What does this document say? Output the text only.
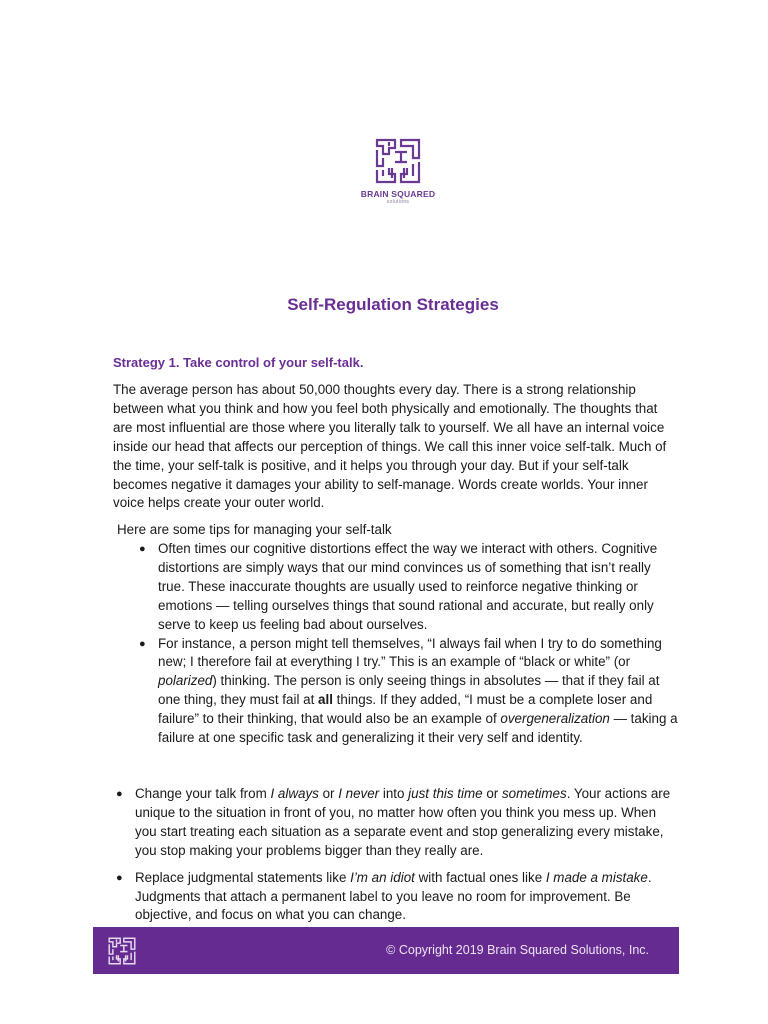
BRAIN SQUARED
solutions
Self-Regulation Strategies
Strategy 1. Take control of your self-talk.
The average person has about 50,000 thoughts every day. There is a strong relationship between what you think and how you feel both physically and emotionally. The thoughts that are most influential are those where you literally talk to yourself. We all have an internal voice inside our head that affects our perception of things. We call this inner voice self-talk. Much of the time, your self-talk is positive, and it helps you through your day. But if your self-talk becomes negative it damages your ability to self-manage. Words create worlds. Your inner voice helps create your outer world.
Here are some tips for managing your self-talk
● Often times our cognitive distortions effect the way we interact with others. Cognitive distortions are simply ways that our mind convinces us of something that isn’t really true. These inaccurate thoughts are usually used to reinforce negative thinking or emotions — telling ourselves things that sound rational and accurate, but really only serve to keep us feeling bad about ourselves.
● For instance, a person might tell themselves, “I always fail when I try to do something new; I therefore fail at everything I try.” This is an example of “black or white” (or polarized) thinking. The person is only seeing things in absolutes — that if they fail at one thing, they must fail at all things. If they added, “I must be a complete loser and failure” to their thinking, that would also be an example of overgeneralization — taking a failure at one specific task and generalizing it their very self and identity.
● Change your talk from I always or I never into just this time or sometimes. Your actions are unique to the situation in front of you, no matter how often you think you mess up. When you start treating each situation as a separate event and stop generalizing every mistake, you stop making your problems bigger than they really are.
● Replace judgmental statements like I’m an idiot with factual ones like I made a mistake. Judgments that attach a permanent label to you leave no room for improvement. Be objective, and focus on what you can change.
© Copyright 2019 Brain Squared Solutions, Inc.
